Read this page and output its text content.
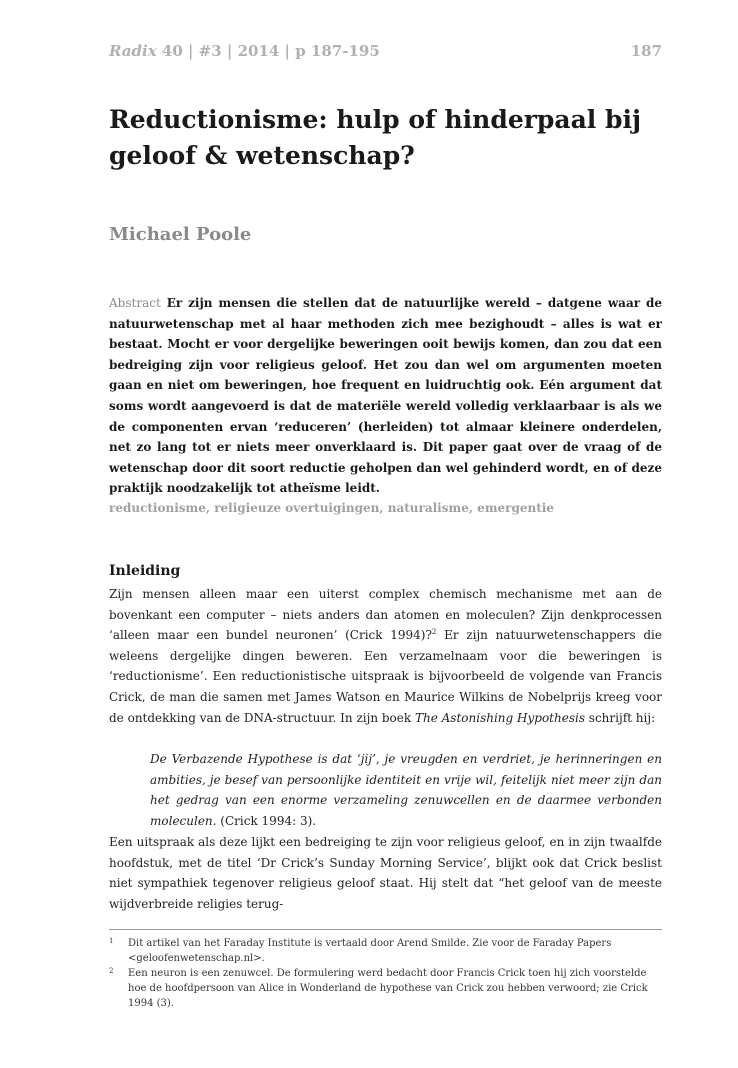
Radix 40 | #3 | 2014 | p 187-195	187
Reductionisme: hulp of hinderpaal bij geloof & wetenschap?

Michael Poole

Abstract Er zijn mensen die stellen dat de natuurlijke wereld – datgene waar de natuurwetenschap met al haar methoden zich mee bezighoudt – alles is wat er bestaat. Mocht er voor dergelijke beweringen ooit bewijs komen, dan zou dat een bedreiging zijn voor religieus geloof. Het zou dan wel om argumenten moeten gaan en niet om beweringen, hoe frequent en luidruchtig ook. Eén argument dat soms wordt aangevoerd is dat de materiële wereld volledig verklaarbaar is als we de componenten ervan ‘reduceren’ (herleiden) tot almaar kleinere onderdelen, net zo lang tot er niets meer onverklaard is. Dit paper gaat over de vraag of de wetenschap door dit soort reductie geholpen dan wel gehinderd wordt, en of deze praktijk noodzakelijk tot atheïsme leidt.

reductionisme, religieuze overtuigingen, naturalisme, emergentie

Inleiding

Zijn mensen alleen maar een uiterst complex chemisch mechanisme met aan de bovenkant een computer – niets anders dan atomen en moleculen? Zijn denkprocessen ‘alleen maar een bundel neuronen’ (Crick 1994)?$^2$ Er zijn natuurwetenschappers die weleens dergelijke dingen beweren. Een verzamelnaam voor die beweringen is ‘reductionisme’. Een reductionistische uitspraak is bijvoorbeeld de volgende van Francis Crick, de man die samen met James Watson en Maurice Wilkins de Nobelprijs kreeg voor de ontdekking van de DNA-structuur. In zijn boek The Astonishing Hypothesis schrijft hij:

De Verbazende Hypothese is dat ‘jij’, je vreugden en verdriet, je herinneringen en ambities, je besef van persoonlijke identiteit en vrije wil, feitelijk niet meer zijn dan het gedrag van een enorme verzameling zenuwcellen en de daarmee verbonden moleculen. (Crick 1994: 3).

Een uitspraak als deze lijkt een bedreiging te zijn voor religieus geloof, en in zijn twaalfde hoofdstuk, met de titel ‘Dr Crick’s Sunday Morning Service’, blijkt ook dat Crick beslist niet sympathiek tegenover religieus geloof staat. Hij stelt dat “het geloof van de meeste wijdverbreide religies terug-

1 Dit artikel van het Faraday Institute is vertaald door Arend Smilde. Zie voor de Faraday Papers <geloofenwetenschap.nl>.
2 Een neuron is een zenuwcel. De formulering werd bedacht door Francis Crick toen hij zich voorstelde hoe de hoofdpersoon van Alice in Wonderland de hypothese van Crick zou hebben verwoord; zie Crick 1994 (3).
